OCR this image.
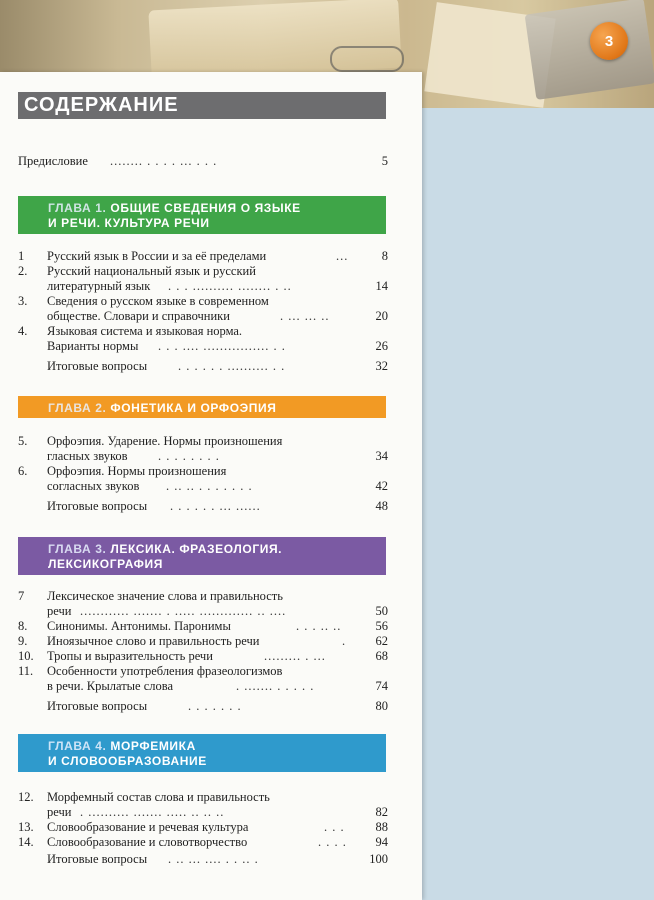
3
СОДЕРЖАНИЕ
Предисловие ........ . . . . ... . . .	5
ГЛАВА 1. ОБЩИЕ СВЕДЕНИЯ О ЯЗЫКЕ
И РЕЧИ. КУЛЬТУРА РЕЧИ
1 Русский язык в России и за её пределами	...	8
2. Русский национальный язык и русский
литературный язык . . . .......... ........ . ..	14
3. Сведения о русском языке в современном
обществе. Словари и справочники	. ... ... ..	20
4. Языковая система и языковая норма.
Варианты нормы . . . .... ................ . .	26
Итоговые вопросы . . . . . . .......... . .	32
ГЛАВА 2. ФОНЕТИКА И ОРФОЭПИЯ
5. Орфоэпия. Ударение. Нормы произношения
гласных звуков . . . . . . . .	34
6. Орфоэпия. Нормы произношения
согласных звуков . .. .. . . . . . . .	42
Итоговые вопросы . . . . . . ... ......	48
ГЛАВА 3. ЛЕКСИКА. ФРАЗЕОЛОГИЯ.
ЛЕКСИКОГРАФИЯ
7 Лексическое значение слова и правильность
речи ............ ....... . ..... ............. .. ....	50
8. Синонимы. Антонимы. Паронимы	. . . .. ..	56
9. Иноязычное слово и правильность речи	. 62
10. Тропы и выразительность речи	......... . ...	68
11. Особенности употребления фразеологизмов
в речи. Крылатые слова	. ....... . . . . .	74
Итоговые вопросы	. . . . . . .	80
ГЛАВА 4. МОРФЕМИКА
И СЛОВООБРАЗОВАНИЕ
12. Морфемный состав слова и правильность
речи . .......... ....... ..... .. .. ..	82
13. Словообразование и речевая культура	. . . 88
14. Словообразование и словотворчество	. . . . 94
Итоговые вопросы . .. ... .... . . .. .	100
